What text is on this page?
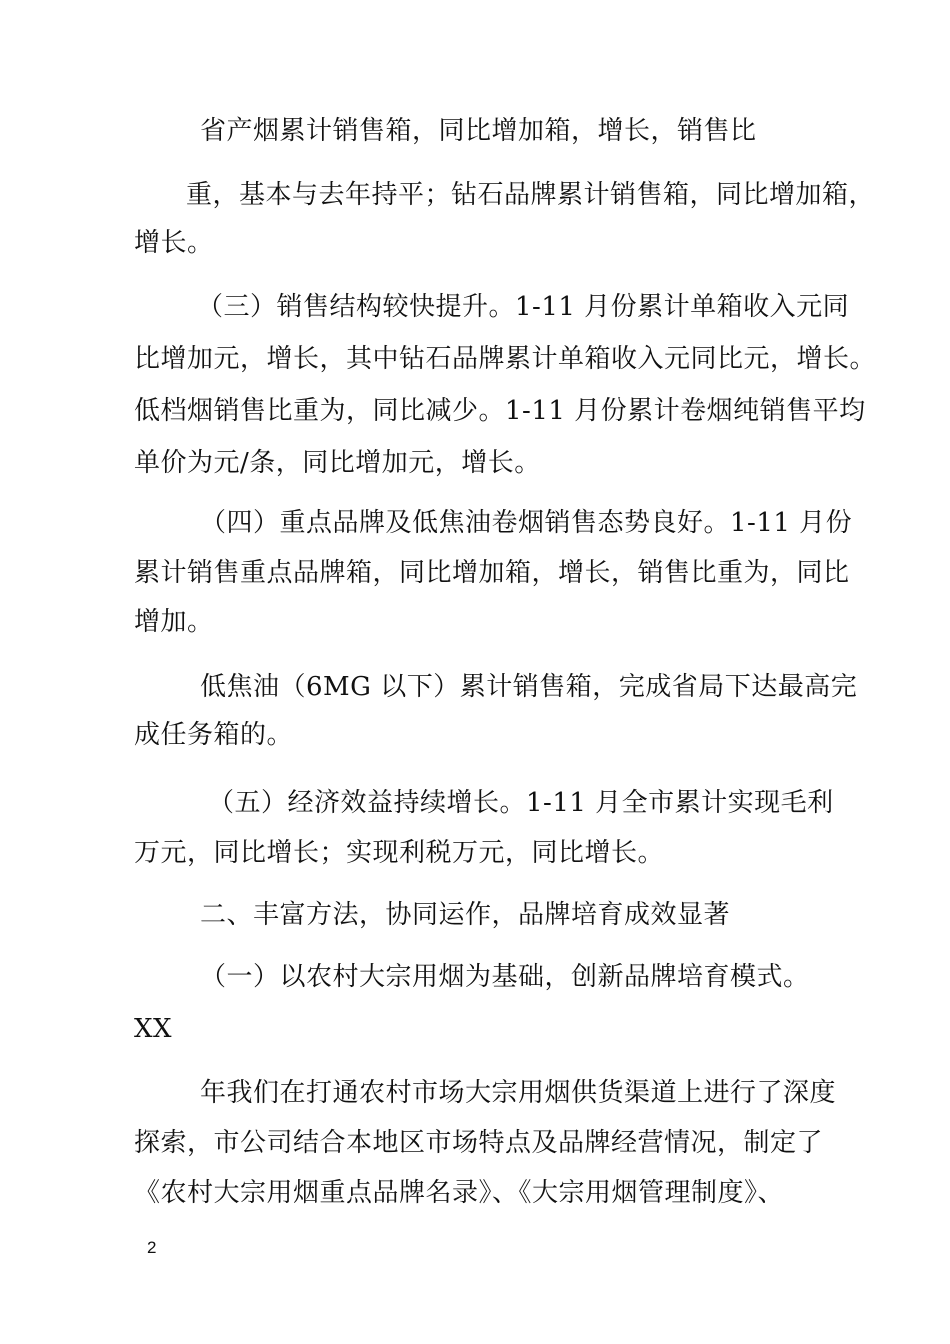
省产烟累计销售箱，同比增加箱，增长，销售比
重，基本与去年持平；钻石品牌累计销售箱，同比增加箱，
增长。
（三）销售结构较快提升。1-11 月份累计单箱收入元同
比增加元，增长，其中钻石品牌累计单箱收入元同比元，增长。
低档烟销售比重为，同比减少。1-11 月份累计卷烟纯销售平均
单价为元/条，同比增加元，增长。
（四）重点品牌及低焦油卷烟销售态势良好。1-11 月份
累计销售重点品牌箱，同比增加箱，增长，销售比重为，同比
增加。
低焦油（6MG 以下）累计销售箱，完成省局下达最高完
成任务箱的。
（五）经济效益持续增长。1-11 月全市累计实现毛利
万元，同比增长；实现利税万元，同比增长。
二、丰富方法，协同运作，品牌培育成效显著
（一）以农村大宗用烟为基础，创新品牌培育模式。
XX
年我们在打通农村市场大宗用烟供货渠道上进行了深度
探索，市公司结合本地区市场特点及品牌经营情况，制定了
《农村大宗用烟重点品牌名录》、《大宗用烟管理制度》、
2
